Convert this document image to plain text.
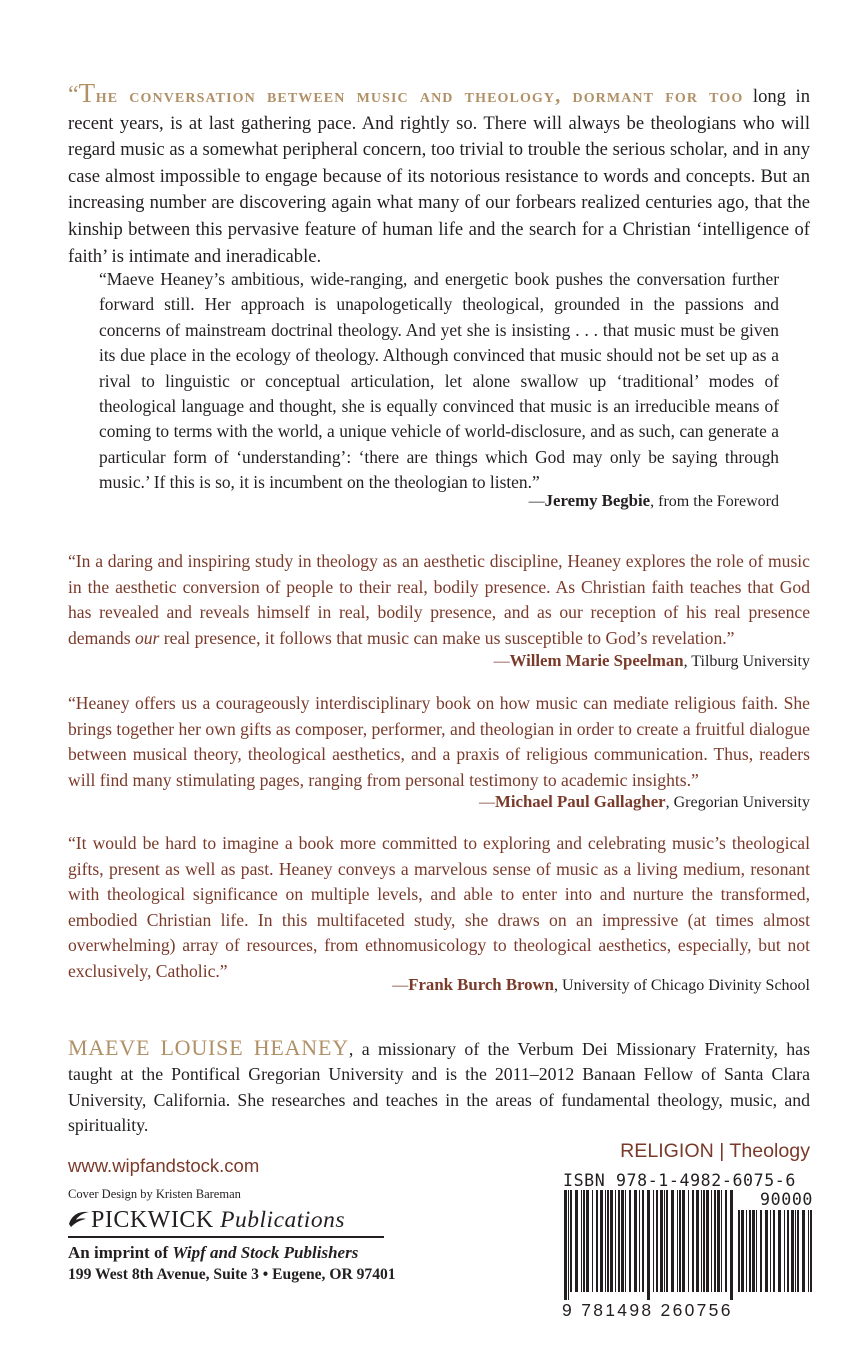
“The conversation between music and theology, dormant for too long in recent years, is at last gathering pace. And rightly so. There will always be theologians who will regard music as a somewhat peripheral concern, too trivial to trouble the serious scholar, and in any case almost impossible to engage because of its notorious resistance to words and concepts. But an increasing number are discovering again what many of our forbears realized centuries ago, that the kinship between this pervasive feature of human life and the search for a Christian ‘intelligence of faith’ is intimate and ineradicable.
“Maeve Heaney’s ambitious, wide-ranging, and energetic book pushes the conversation further forward still. Her approach is unapologetically theological, grounded in the passions and concerns of mainstream doctrinal theology. And yet she is insisting . . . that music must be given its due place in the ecology of theology. Although convinced that music should not be set up as a rival to linguistic or conceptual articulation, let alone swallow up ‘traditional’ modes of theological language and thought, she is equally convinced that music is an irreducible means of coming to terms with the world, a unique vehicle of world-disclosure, and as such, can generate a particular form of ‘understanding’: ‘there are things which God may only be saying through music.’ If this is so, it is incumbent on the theologian to listen.”
—Jeremy Begbie, from the Foreword
“In a daring and inspiring study in theology as an aesthetic discipline, Heaney explores the role of music in the aesthetic conversion of people to their real, bodily presence. As Christian faith teaches that God has revealed and reveals himself in real, bodily presence, and as our reception of his real presence demands our real presence, it follows that music can make us susceptible to God’s revelation.”
—Willem Marie Speelman, Tilburg University
“Heaney offers us a courageously interdisciplinary book on how music can mediate religious faith. She brings together her own gifts as composer, performer, and theologian in order to create a fruitful dialogue between musical theory, theological aesthetics, and a praxis of religious communication. Thus, readers will find many stimulating pages, ranging from personal testimony to academic insights.”
—Michael Paul Gallagher, Gregorian University
“It would be hard to imagine a book more committed to exploring and celebrating music’s theological gifts, present as well as past. Heaney conveys a marvelous sense of music as a living medium, resonant with theological significance on multiple levels, and able to enter into and nurture the transformed, embodied Christian life. In this multifaceted study, she draws on an impressive (at times almost overwhelming) array of resources, from ethnomusicology to theological aesthetics, especially, but not exclusively, Catholic.”
—Frank Burch Brown, University of Chicago Divinity School
MAEVE LOUISE HEANEY, a missionary of the Verbum Dei Missionary Fraternity, has taught at the Pontifical Gregorian University and is the 2011–2012 Banaan Fellow of Santa Clara University, California. She researches and teaches in the areas of fundamental theology, music, and spirituality.
www.wipfandstock.com
Cover Design by Kristen Bareman
PICKWICK Publications
An imprint of Wipf and Stock Publishers
199 West 8th Avenue, Suite 3 • Eugene, OR 97401
RELIGION | Theology
ISBN 978-1-4982-6075-6
90000
9 781498 260756
